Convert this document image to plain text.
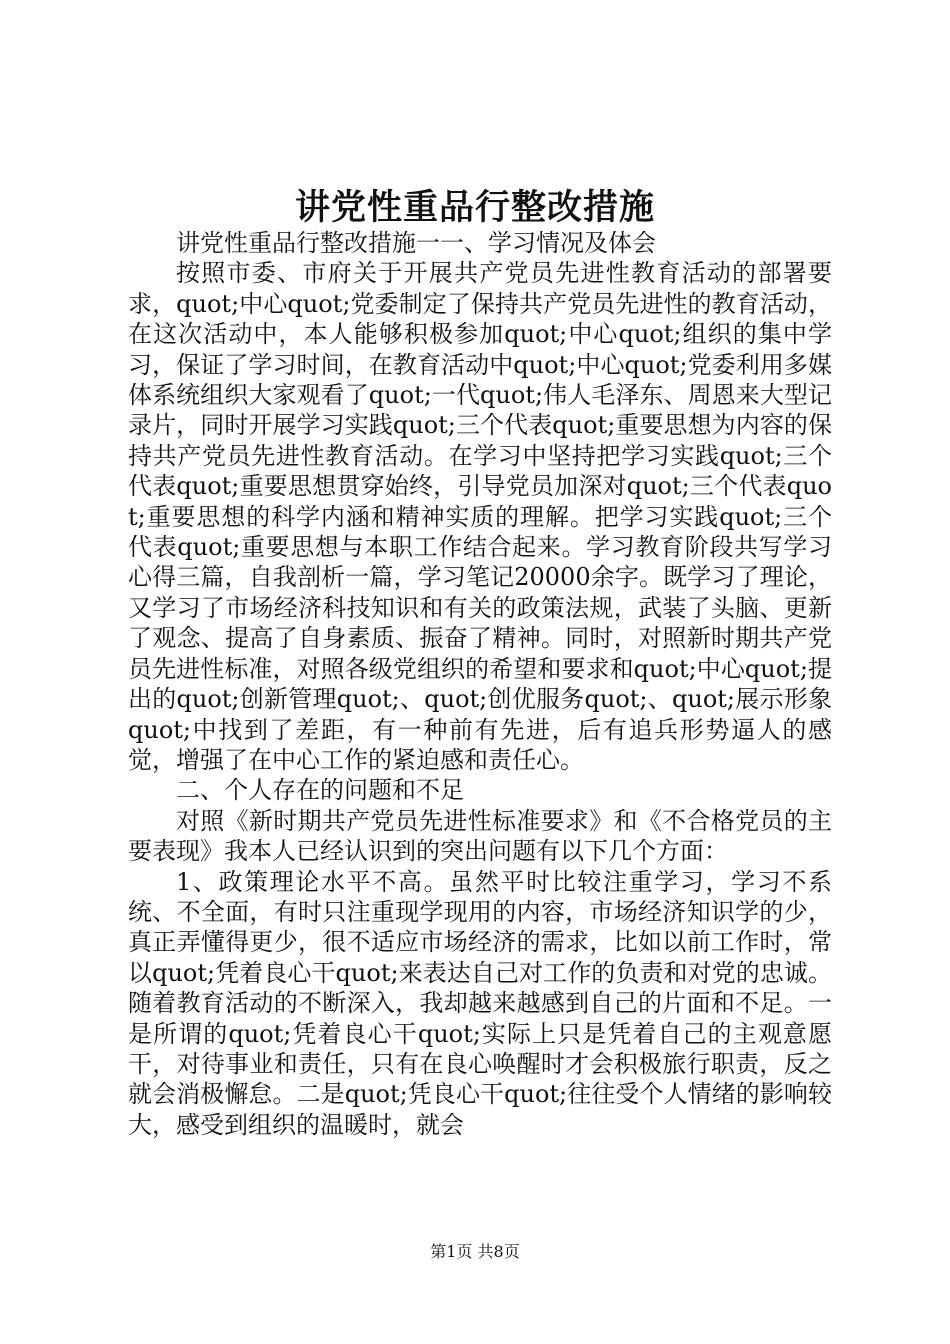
讲党性重品行整改措施

讲党性重品行整改措施一一、学习情况及体会

按照市委、市府关于开展共产党员先进性教育活动的部署要求，quot;中心quot;党委制定了保持共产党员先进性的教育活动，在这次活动中，本人能够积极参加quot;中心quot;组织的集中学习，保证了学习时间，在教育活动中quot;中心quot;党委利用多媒体系统组织大家观看了quot;一代quot;伟人毛泽东、周恩来大型记录片，同时开展学习实践quot;三个代表quot;重要思想为内容的保持共产党员先进性教育活动。在学习中坚持把学习实践quot;三个代表quot;重要思想贯穿始终，引导党员加深对quot;三个代表quot;重要思想的科学内涵和精神实质的理解。把学习实践quot;三个代表quot;重要思想与本职工作结合起来。学习教育阶段共写学习心得三篇，自我剖析一篇，学习笔记20000余字。既学习了理论，又学习了市场经济科技知识和有关的政策法规，武装了头脑、更新了观念、提高了自身素质、振奋了精神。同时，对照新时期共产党员先进性标准，对照各级党组织的希望和要求和quot;中心quot;提出的quot;创新管理quot;、quot;创优服务quot;、quot;展示形象quot;中找到了差距，有一种前有先进，后有追兵形势逼人的感觉，增强了在中心工作的紧迫感和责任心。

二、个人存在的问题和不足

对照《新时期共产党员先进性标准要求》和《不合格党员的主要表现》我本人已经认识到的突出问题有以下几个方面：

1、政策理论水平不高。虽然平时比较注重学习，学习不系统、不全面，有时只注重现学现用的内容，市场经济知识学的少，真正弄懂得更少，很不适应市场经济的需求，比如以前工作时，常以quot;凭着良心干quot;来表达自己对工作的负责和对党的忠诚。随着教育活动的不断深入，我却越来越感到自己的片面和不足。一是所谓的quot;凭着良心干quot;实际上只是凭着自己的主观意愿干，对待事业和责任，只有在良心唤醒时才会积极旅行职责，反之就会消极懈怠。二是quot;凭良心干quot;往往受个人情绪的影响较大，感受到组织的温暖时，就会

第1页 共8页
